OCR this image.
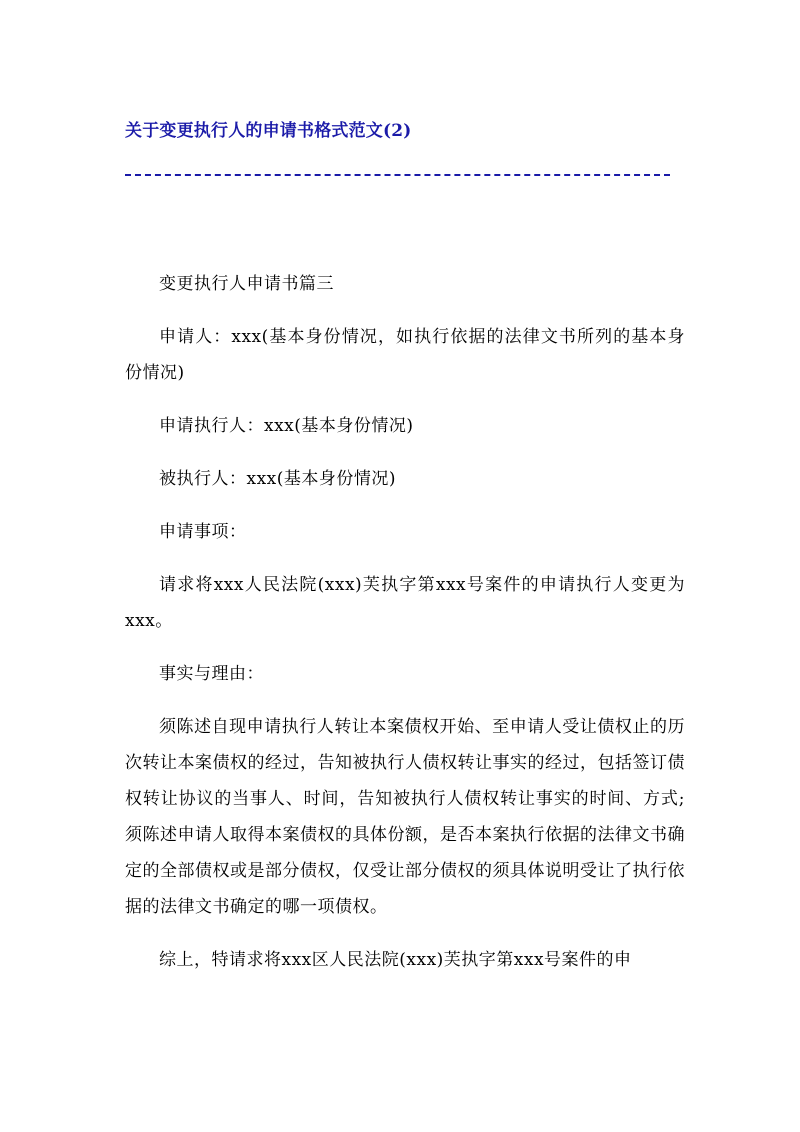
关于变更执行人的申请书格式范文(2)

变更执行人申请书篇三

申请人：xxx(基本身份情况，如执行依据的法律文书所列的基本身份情况)

申请执行人：xxx(基本身份情况)

被执行人：xxx(基本身份情况)

申请事项：

请求将xxx人民法院(xxx)芙执字第xxx号案件的申请执行人变更为xxx。

事实与理由：

须陈述自现申请执行人转让本案债权开始、至申请人受让债权止的历次转让本案债权的经过，告知被执行人债权转让事实的经过，包括签订债权转让协议的当事人、时间，告知被执行人债权转让事实的时间、方式;须陈述申请人取得本案债权的具体份额，是否本案执行依据的法律文书确定的全部债权或是部分债权，仅受让部分债权的须具体说明受让了执行依据的法律文书确定的哪一项债权。

综上，特请求将xxx区人民法院(xxx)芙执字第xxx号案件的申
